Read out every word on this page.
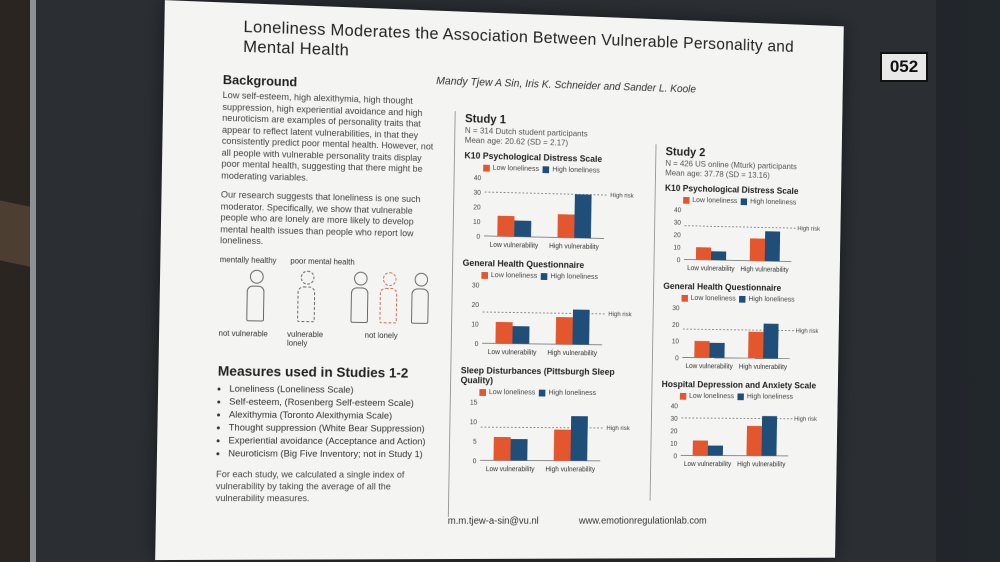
Loneliness Moderates the Association Between Vulnerable Personality and Mental Health
Mandy Tjew A Sin, Iris K. Schneider and Sander L. Koole
Background

Low self-esteem, high alexithymia, high thought suppression, high experiential avoidance and high neuroticism are examples of personality traits that appear to reflect latent vulnerabilities, in that they consistently predict poor mental health. However, not all people with vulnerable personality traits display poor mental health, suggesting that there might be moderating variables.

Our research suggests that loneliness is one such moderator. Specifically, we show that vulnerable people who are lonely are more likely to develop mental health issues than people who report low loneliness.

mentally healthy poor mental health
not vulnerable vulnerable lonely
not lonely
Measures used in Studies 1-2
• Loneliness (Loneliness Scale)
• Self-esteem, (Rosenberg Self-esteem Scale)
• Alexithymia (Toronto Alexithymia Scale)
• Thought suppression (White Bear Suppression)
• Experiential avoidance (Acceptance and Action)
• Neuroticism (Big Five Inventory; not in Study 1)
For each study, we calculated a single index of vulnerability by taking the average of all the vulnerability measures.
Study 1
N = 314 Dutch student participants
Mean age: 20.62 (SD = 2.17)
K10 Psychological Distress Scale
Low loneliness High loneliness
0
10
20
30
40
High risk
Low vulnerability High vulnerability
General Health Questionnaire
Low loneliness High loneliness
0
10
20
30
High risk
Low vulnerability High vulnerability
Sleep Disturbances (Pittsburgh Sleep Quality)
Low loneliness High loneliness
0
5
10
15
High risk
Low vulnerability High vulnerability
Study 2
N = 426 US online (Mturk) participants
Mean age: 37.78 (SD = 13.16)
K10 Psychological Distress Scale
Low loneliness High loneliness
0
10
20
30
40
High risk
Low vulnerability High vulnerability
General Health Questionnaire
Low loneliness High loneliness
0
10
20
30
High risk
Low vulnerability High vulnerability
Hospital Depression and Anxiety Scale
Low loneliness High loneliness
0
10
20
30
40
High risk
Low vulnerability High vulnerability
m.m.tjew-a-sin@vu.nl	www.emotionregulationlab.com
052
